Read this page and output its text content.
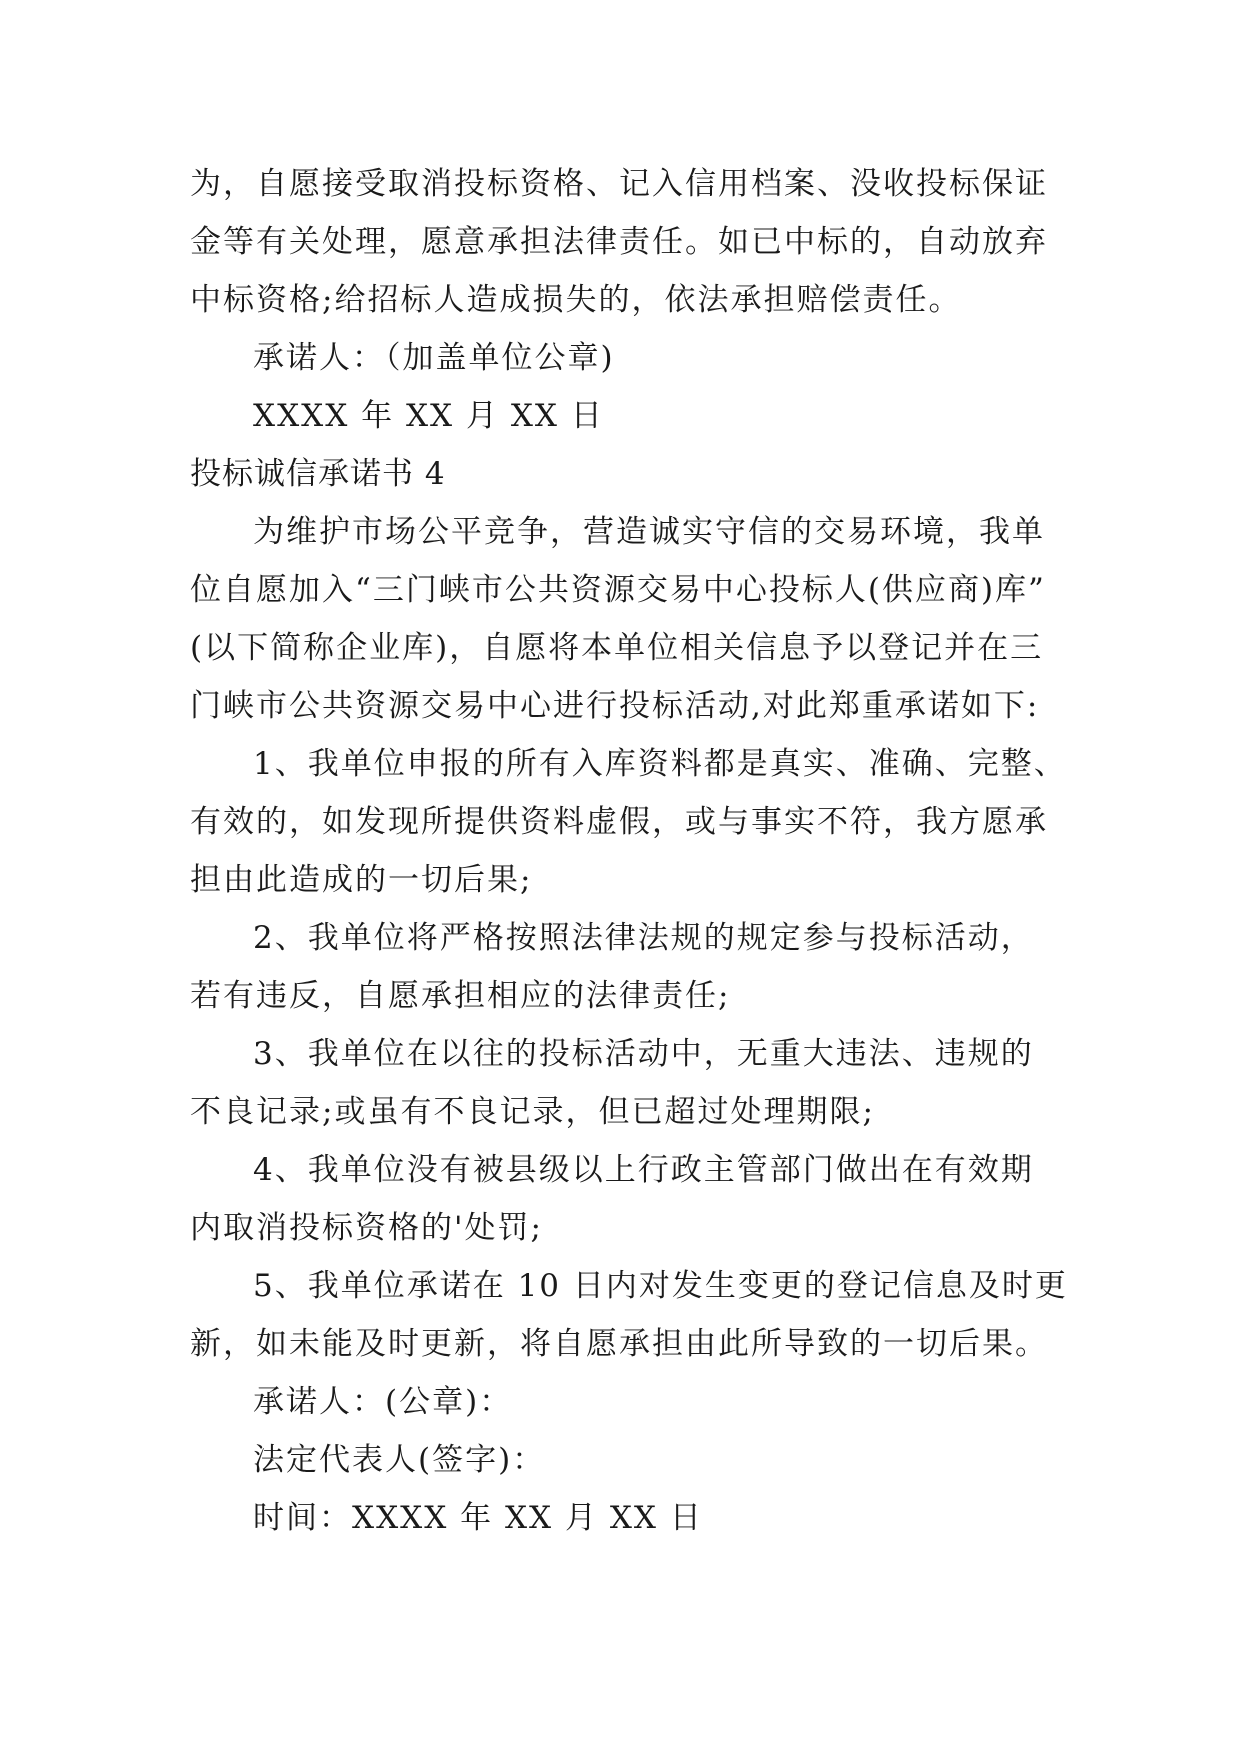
为，自愿接受取消投标资格、记入信用档案、没收投标保证
金等有关处理，愿意承担法律责任。如已中标的，自动放弃
中标资格;给招标人造成损失的，依法承担赔偿责任。
承诺人：（加盖单位公章)
XXXX 年 XX 月 XX 日
投标诚信承诺书 4
为维护市场公平竞争，营造诚实守信的交易环境，我单
位自愿加入“三门峡市公共资源交易中心投标人(供应商)库”
(以下简称企业库)，自愿将本单位相关信息予以登记并在三
门峡市公共资源交易中心进行投标活动,对此郑重承诺如下:
1、我单位申报的所有入库资料都是真实、准确、完整、
有效的，如发现所提供资料虚假，或与事实不符，我方愿承
担由此造成的一切后果;
2、我单位将严格按照法律法规的规定参与投标活动，
若有违反，自愿承担相应的法律责任;
3、我单位在以往的投标活动中，无重大违法、违规的
不良记录;或虽有不良记录，但已超过处理期限;
4、我单位没有被县级以上行政主管部门做出在有效期
内取消投标资格的'处罚;
5、我单位承诺在 10 日内对发生变更的登记信息及时更
新，如未能及时更新，将自愿承担由此所导致的一切后果。
承诺人：(公章)：
法定代表人(签字)：
时间：XXXX 年 XX 月 XX 日
